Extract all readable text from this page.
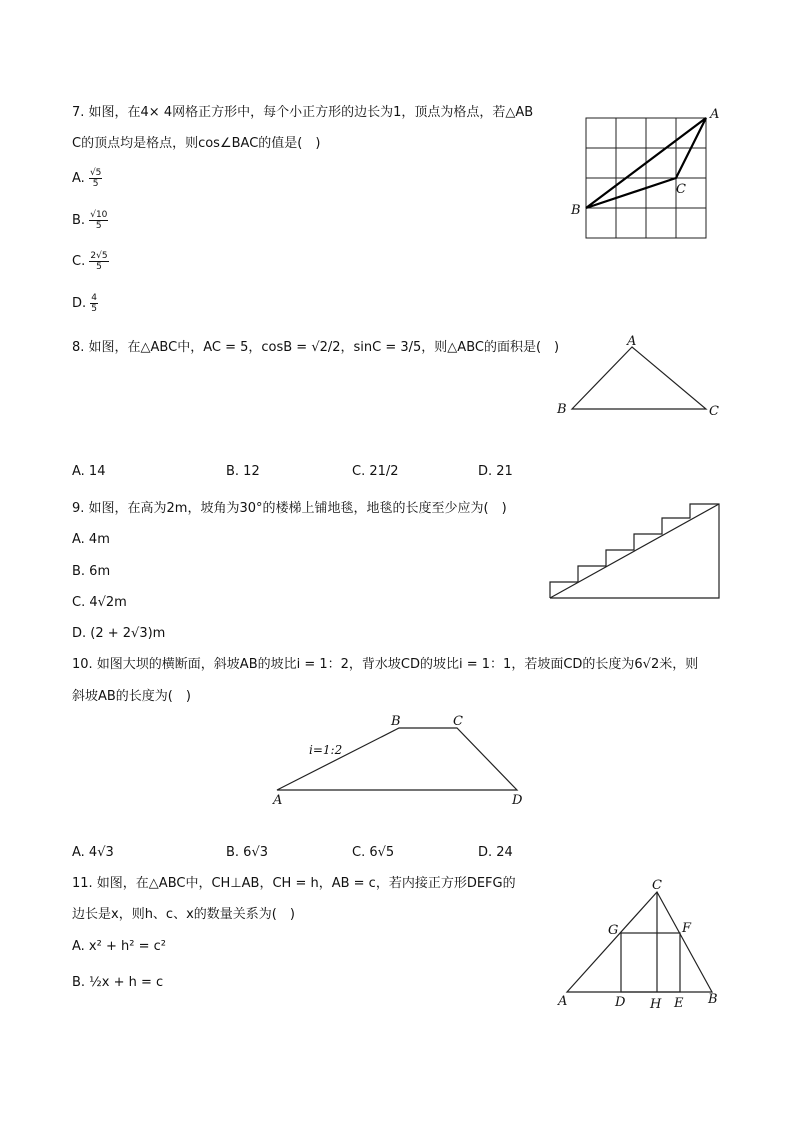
7. 如图，在4× 4网格正方形中，每个小正方形的边长为1，顶点为格点，若△AB
C的顶点均是格点，则cos∠BAC的值是(　)
A. $\frac{√5}{5}$
B. $\frac{√10}{5}$
C. $\frac{2√5}{5}$
D. $\frac{4}{5}$
A
B
C
8. 如图，在△ABC中，AC = 5，cosB = √2/2，sinC = 3/5，则△ABC的面积是(　)	A
B	C
A. 14	B. 12	C. 21/2	D. 21
9. 如图，在高为2m，坡角为30°的楼梯上铺地毯，地毯的长度至少应为(　)
A. 4m
B. 6m
C. 4√2m
D. (2 + 2√3)m
10. 如图大坝的横断面，斜坡AB的坡比i = 1：2，背水坡CD的坡比i = 1：1，若坡面CD的长度为6√2米，则
斜坡AB的长度为(　)
A
B	C
D
i=1:2
A. 4√3	B. 6√3	C. 6√5	D. 24
11. 如图，在△ABC中，CH⊥AB，CH = h，AB = c，若内接正方形DEFG的
边长是x，则h、c、x的数量关系为(　)
A. x² + h² = c²
B. ½x + h = c
C
G	F
A	D H E B
